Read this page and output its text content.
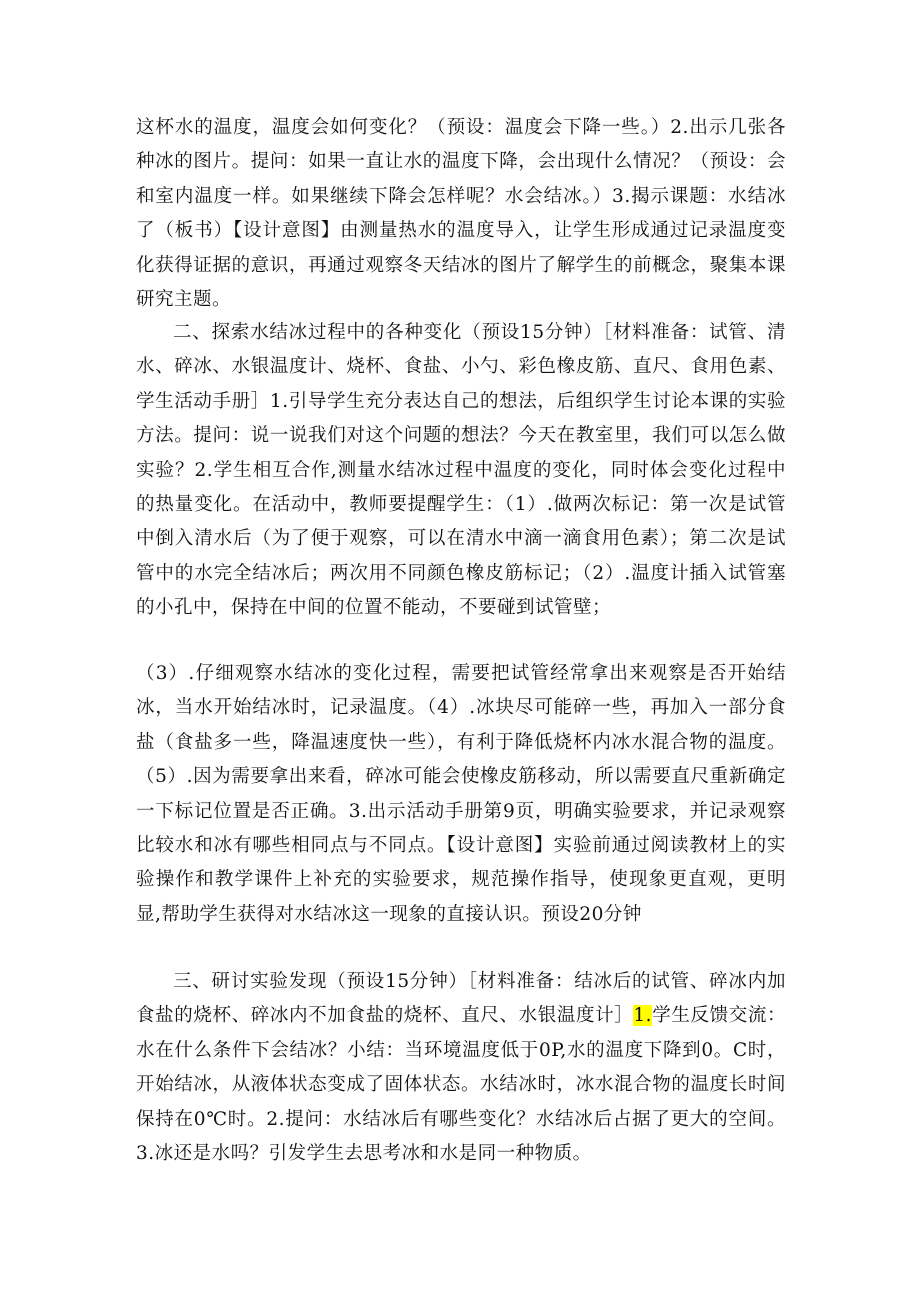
这杯水的温度，温度会如何变化？（预设：温度会下降一些。）2.出示几张各种冰的图片。提问：如果一直让水的温度下降，会出现什么情况？（预设：会和室内温度一样。如果继续下降会怎样呢？水会结冰。）3.揭示课题：水结冰了（板书）【设计意图】由测量热水的温度导入，让学生形成通过记录温度变化获得证据的意识，再通过观察冬天结冰的图片了解学生的前概念，聚集本课研究主题。

二、探索水结冰过程中的各种变化（预设15分钟）［材料准备：试管、清水、碎冰、水银温度计、烧杯、食盐、小勺、彩色橡皮筋、直尺、食用色素、学生活动手册］1.引导学生充分表达自己的想法，后组织学生讨论本课的实验方法。提问：说一说我们对这个问题的想法？今天在教室里，我们可以怎么做实验？2.学生相互合作,测量水结冰过程中温度的变化，同时体会变化过程中的热量变化。在活动中，教师要提醒学生：（1）.做两次标记：第一次是试管中倒入清水后（为了便于观察，可以在清水中滴一滴食用色素）；第二次是试管中的水完全结冰后；两次用不同颜色橡皮筋标记；（2）.温度计插入试管塞的小孔中，保持在中间的位置不能动，不要碰到试管壁；

（3）.仔细观察水结冰的变化过程，需要把试管经常拿出来观察是否开始结冰，当水开始结冰时，记录温度。（4）.冰块尽可能碎一些，再加入一部分食盐（食盐多一些，降温速度快一些），有利于降低烧杯内冰水混合物的温度。（5）.因为需要拿出来看，碎冰可能会使橡皮筋移动，所以需要直尺重新确定一下标记位置是否正确。3.出示活动手册第9页，明确实验要求，并记录观察比较水和冰有哪些相同点与不同点。【设计意图】实验前通过阅读教材上的实验操作和教学课件上补充的实验要求，规范操作指导，使现象更直观，更明显,帮助学生获得对水结冰这一现象的直接认识。预设20分钟

三、研讨实验发现（预设15分钟）［材料准备：结冰后的试管、碎冰内加食盐的烧杯、碎冰内不加食盐的烧杯、直尺、水银温度计］1.学生反馈交流：水在什么条件下会结冰？小结：当环境温度低于0P,水的温度下降到0。C时，开始结冰，从液体状态变成了固体状态。水结冰时，冰水混合物的温度长时间保持在0℃时。2.提问：水结冰后有哪些变化？水结冰后占据了更大的空间。3.冰还是水吗？引发学生去思考冰和水是同一种物质。
